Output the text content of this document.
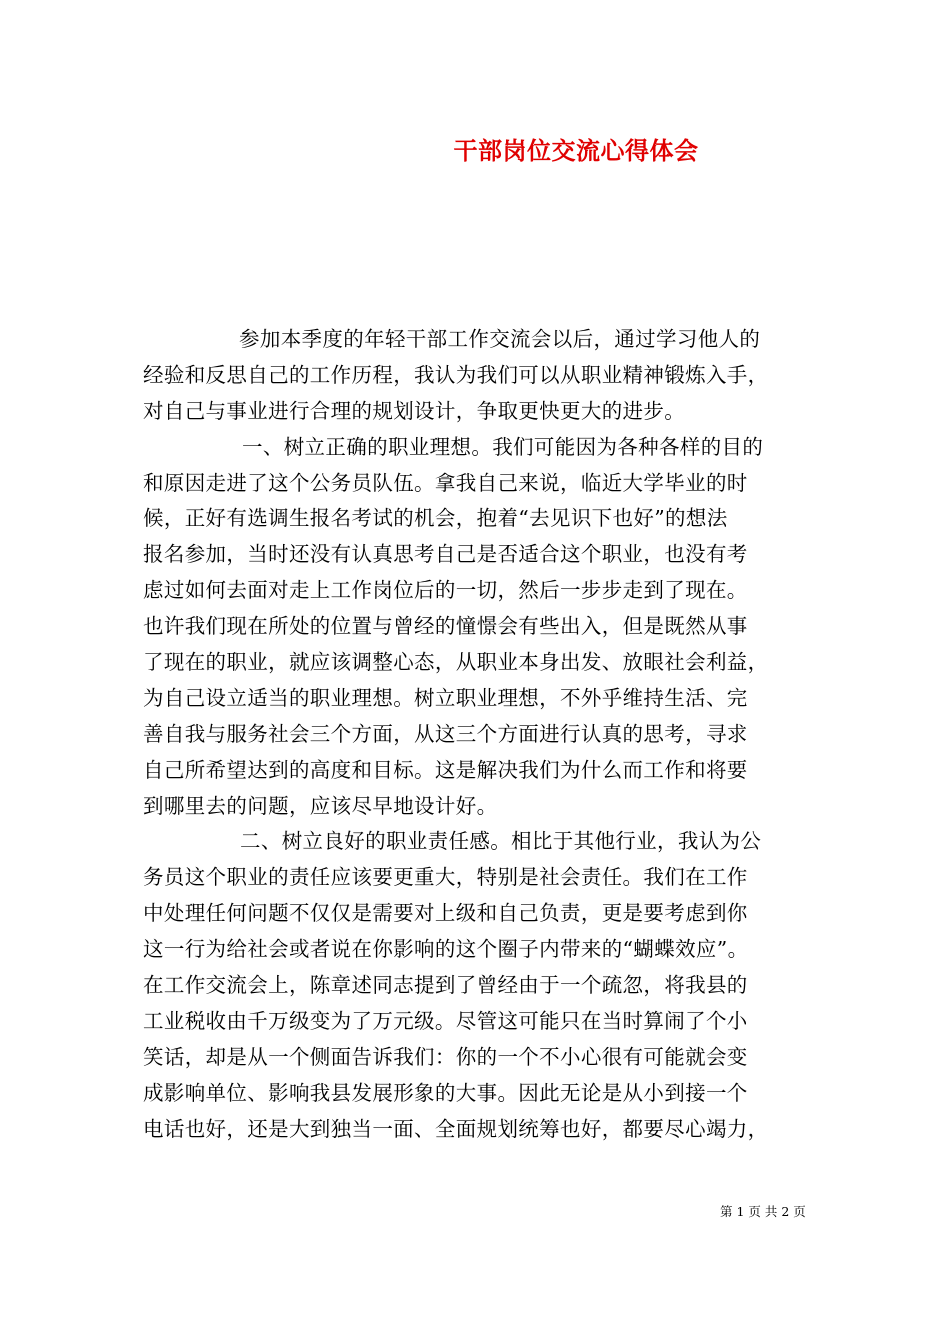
干部岗位交流心得体会
参加本季度的年轻干部工作交流会以后，通过学习他人的
经验和反思自己的工作历程，我认为我们可以从职业精神锻炼入手，
对自己与事业进行合理的规划设计，争取更快更大的进步。
一、树立正确的职业理想。我们可能因为各种各样的目的
和原因走进了这个公务员队伍。拿我自己来说，临近大学毕业的时
候，正好有选调生报名考试的机会，抱着“去见识下也好”的想法
报名参加，当时还没有认真思考自己是否适合这个职业，也没有考
虑过如何去面对走上工作岗位后的一切，然后一步步走到了现在。
也许我们现在所处的位置与曾经的憧憬会有些出入，但是既然从事
了现在的职业，就应该调整心态，从职业本身出发、放眼社会利益，
为自己设立适当的职业理想。树立职业理想，不外乎维持生活、完
善自我与服务社会三个方面，从这三个方面进行认真的思考，寻求
自己所希望达到的高度和目标。这是解决我们为什么而工作和将要
到哪里去的问题，应该尽早地设计好。
二、树立良好的职业责任感。相比于其他行业，我认为公
务员这个职业的责任应该要更重大，特别是社会责任。我们在工作
中处理任何问题不仅仅是需要对上级和自己负责，更是要考虑到你
这一行为给社会或者说在你影响的这个圈子内带来的“蝴蝶效应”。
在工作交流会上，陈章述同志提到了曾经由于一个疏忽，将我县的
工业税收由千万级变为了万元级。尽管这可能只在当时算闹了个小
笑话，却是从一个侧面告诉我们：你的一个不小心很有可能就会变
成影响单位、影响我县发展形象的大事。因此无论是从小到接一个
电话也好，还是大到独当一面、全面规划统筹也好，都要尽心竭力，
第 1 页 共 2 页
